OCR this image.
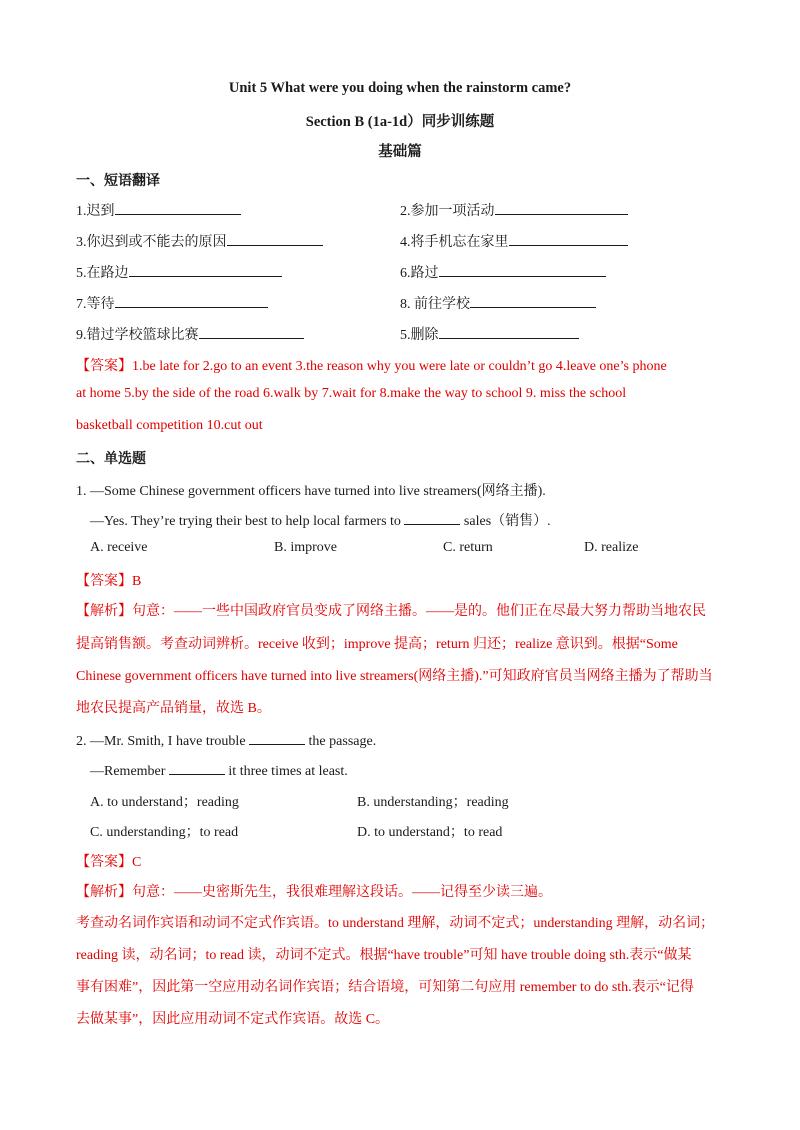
Unit 5 What were you doing when the rainstorm came?
Section B (1a-1d）同步训练题
基础篇
一、短语翻译
1.迟到	2.参加一项活动
3.你迟到或不能去的原因	4.将手机忘在家里
5.在路边	6.路过
7.等待	8. 前往学校
9.错过学校篮球比赛	5.删除
【答案】1.be late for 2.go to an event 3.the reason why you were late or couldn’t go 4.leave one’s phone
at home 5.by the side of the road 6.walk by 7.wait for 8.make the way to school 9. miss the school
basketball competition 10.cut out
二、单选题
1. —Some Chinese government officers have turned into live streamers(网络主播).
—Yes. They’re trying their best to help local farmers to	sales（销售）.
A. receive	B. improve	C. return	D. realize
【答案】B
【解析】句意：——一些中国政府官员变成了网络主播。——是的。他们正在尽最大努力帮助当地农民
提高销售额。考查动词辨析。receive 收到；improve 提高；return 归还；realize 意识到。根据“Some
Chinese government officers have turned into live streamers(网络主播).”可知政府官员当网络主播为了帮助当
地农民提高产品销量，故选 B。
2. —Mr. Smith, I have trouble	the passage.
—Remember	it three times at least.
A. to understand；reading	B. understanding；reading
C. understanding；to read	D. to understand；to read
【答案】C
【解析】句意：——史密斯先生，我很难理解这段话。——记得至少读三遍。
考查动名词作宾语和动词不定式作宾语。to understand 理解，动词不定式；understanding 理解，动名词；
reading 读，动名词；to read 读，动词不定式。根据“have trouble”可知 have trouble doing sth.表示“做某
事有困难”，因此第一空应用动名词作宾语；结合语境，可知第二句应用 remember to do sth.表示“记得
去做某事”，因此应用动词不定式作宾语。故选 C。
